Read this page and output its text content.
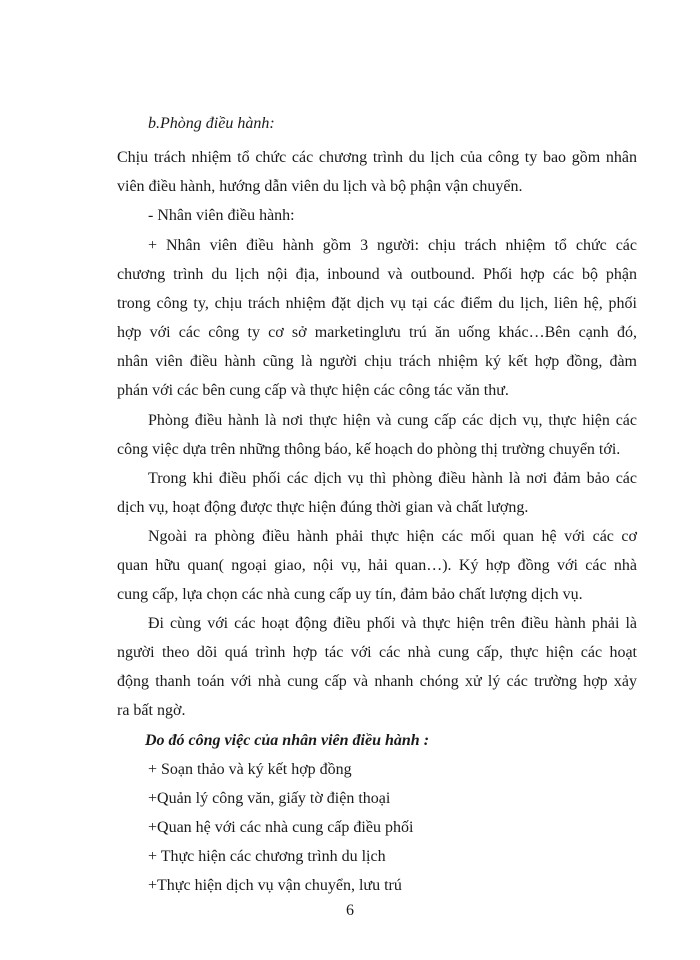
b.Phòng điều hành:

Chịu trách nhiệm tổ chức các chương trình du lịch của công ty bao gồm nhân

viên điều hành, hướng dẫn viên du lịch và bộ phận vận chuyển.

- Nhân viên điều hành:

+ Nhân viên điều hành gồm 3 người: chịu trách nhiệm tổ chức các

chương trình du lịch nội địa, inbound và outbound. Phối hợp các bộ phận

trong công ty, chịu trách nhiệm đặt dịch vụ tại các điểm du lịch, liên hệ, phối

hợp với các công ty cơ sở marketinglưu trú ăn uống khác…Bên cạnh đó,

nhân viên điều hành cũng là người chịu trách nhiệm ký kết hợp đồng, đàm

phán với các bên cung cấp và thực hiện các công tác văn thư.

Phòng điều hành là nơi thực hiện và cung cấp các dịch vụ, thực hiện các

công việc dựa trên những thông báo, kế hoạch do phòng thị trường chuyển tới.

Trong khi điều phối các dịch vụ thì phòng điều hành là nơi đảm bảo các

dịch vụ, hoạt động được thực hiện đúng thời gian và chất lượng.

Ngoài ra phòng điều hành phải thực hiện các mối quan hệ với các cơ

quan hữu quan( ngoại giao, nội vụ, hải quan…). Ký hợp đồng với các nhà

cung cấp, lựa chọn các nhà cung cấp uy tín, đảm bảo chất lượng dịch vụ.

Đi cùng với các hoạt động điều phối và thực hiện trên điều hành phải là

người theo dõi quá trình hợp tác với các nhà cung cấp, thực hiện các hoạt

động thanh toán với nhà cung cấp và nhanh chóng xử lý các trường hợp xảy

ra bất ngờ.

Do đó công việc của nhân viên điều hành :

+ Soạn thảo và ký kết hợp đồng

+Quản lý công văn, giấy tờ điện thoại

+Quan hệ với các nhà cung cấp điều phối

+ Thực hiện các chương trình du lịch

+Thực hiện dịch vụ vận chuyển, lưu trú

6
